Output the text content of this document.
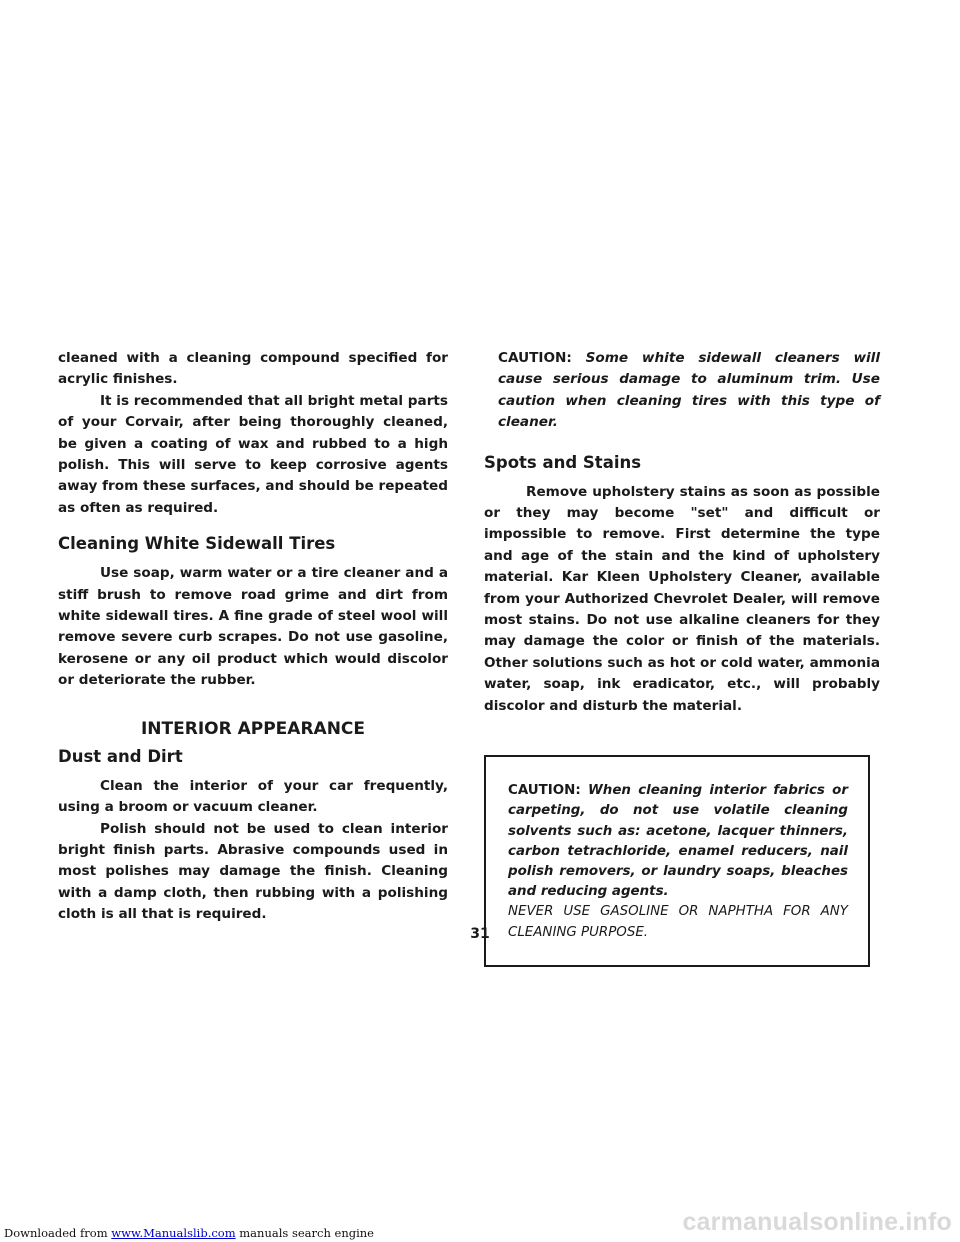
cleaned with a cleaning compound specified for acrylic finishes.

It is recommended that all bright metal parts of your Corvair, after being thoroughly cleaned, be given a coating of wax and rubbed to a high polish. This will serve to keep corrosive agents away from these surfaces, and should be repeated as often as required.

Cleaning White Sidewall Tires

Use soap, warm water or a tire cleaner and a stiff brush to remove road grime and dirt from white sidewall tires. A fine grade of steel wool will remove severe curb scrapes. Do not use gasoline, kerosene or any oil product which would discolor or deteriorate the rubber.

INTERIOR APPEARANCE
Dust and Dirt

Clean the interior of your car frequently, using a broom or vacuum cleaner.

Polish should not be used to clean interior bright finish parts. Abrasive compounds used in most polishes may damage the finish. Cleaning with a damp cloth, then rubbing with a polishing cloth is all that is required.

CAUTION: Some white sidewall cleaners will cause serious damage to aluminum trim. Use caution when cleaning tires with this type of cleaner.

Spots and Stains

Remove upholstery stains as soon as possible or they may become "set" and difficult or impossible to remove. First determine the type and age of the stain and the kind of upholstery material. Kar Kleen Upholstery Cleaner, available from your Authorized Chevrolet Dealer, will remove most stains. Do not use alkaline cleaners for they may damage the color or finish of the materials. Other solutions such as hot or cold water, ammonia water, soap, ink eradicator, etc., will probably discolor and disturb the material.

CAUTION: When cleaning interior fabrics or carpeting, do not use volatile cleaning solvents such as: acetone, lacquer thinners, carbon tetrachloride, enamel reducers, nail polish removers, or laundry soaps, bleaches and reducing agents.

NEVER USE GASOLINE OR NAPHTHA FOR ANY CLEANING PURPOSE.

31
Downloaded from www.Manualslib.com manuals search engine	carmanualsonline.info
